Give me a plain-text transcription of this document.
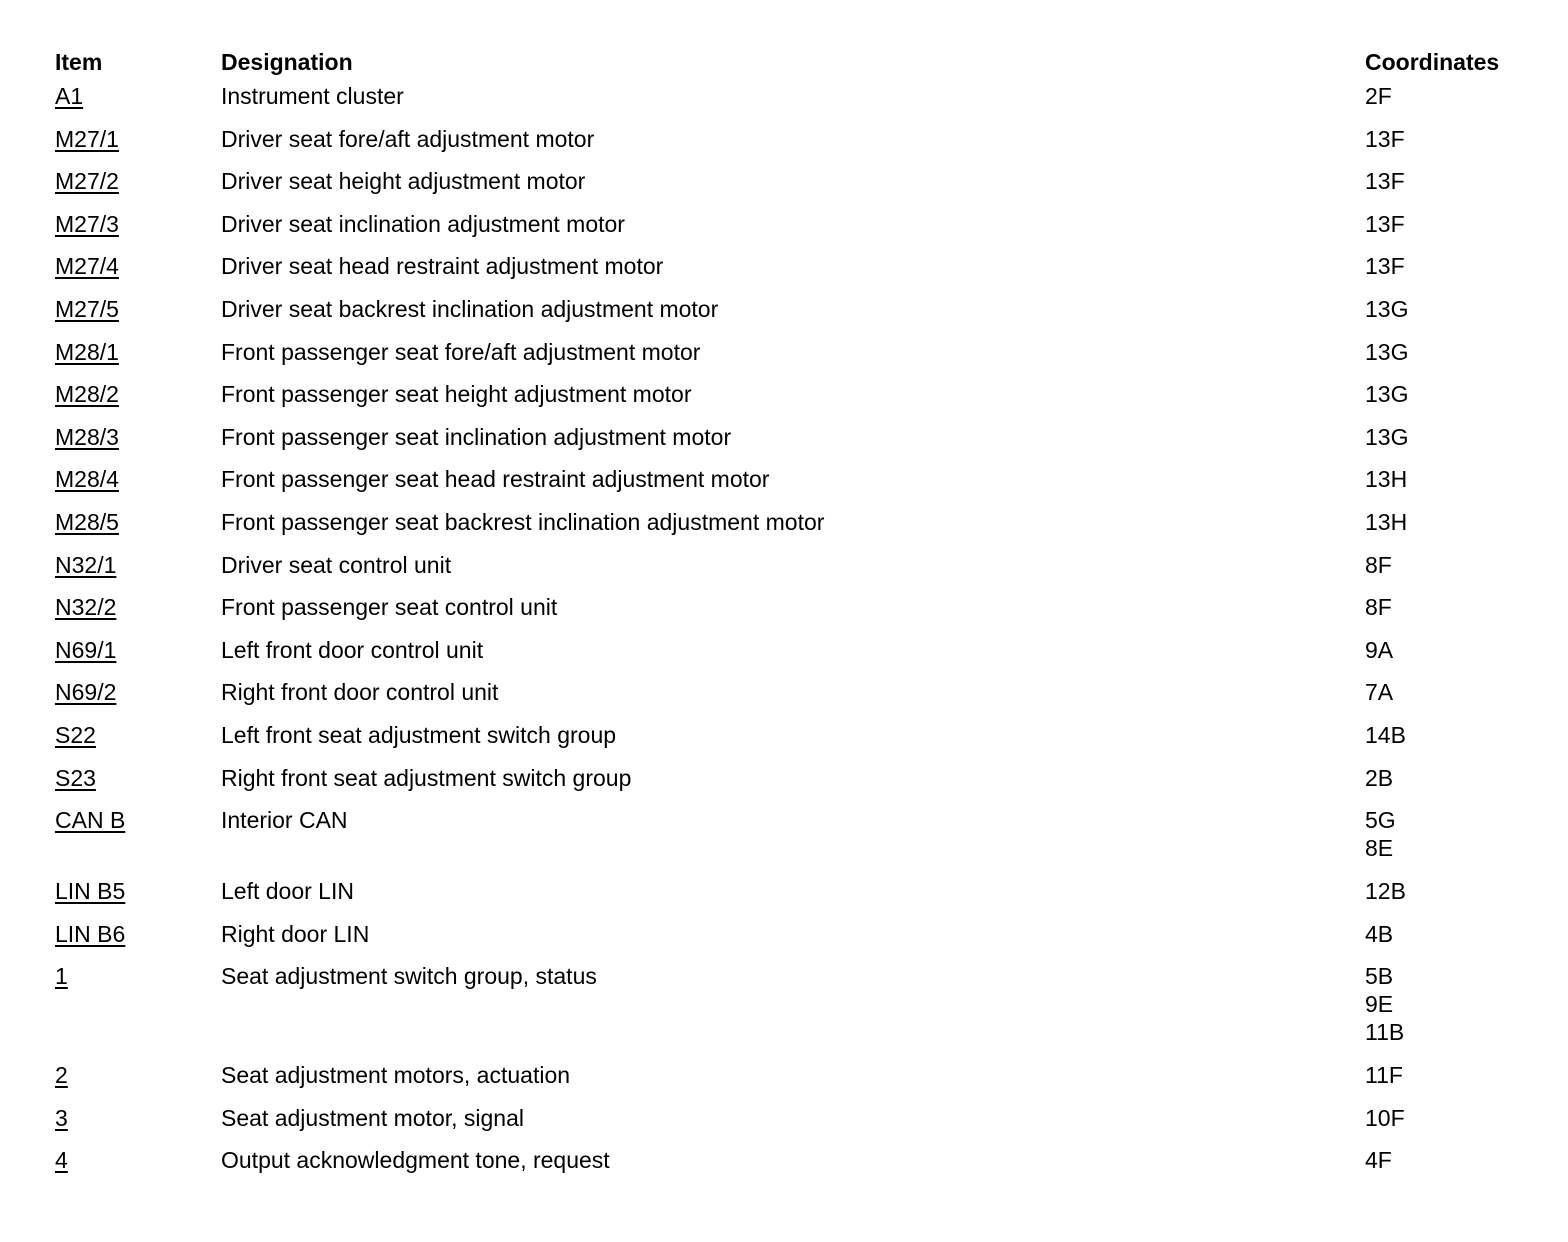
Item	Designation	Coordinates
A1	Instrument cluster	2F
M27/1	Driver seat fore/aft adjustment motor	13F
M27/2	Driver seat height adjustment motor	13F
M27/3	Driver seat inclination adjustment motor	13F
M27/4	Driver seat head restraint adjustment motor	13F
M27/5	Driver seat backrest inclination adjustment motor	13G
M28/1	Front passenger seat fore/aft adjustment motor	13G
M28/2	Front passenger seat height adjustment motor	13G
M28/3	Front passenger seat inclination adjustment motor	13G
M28/4	Front passenger seat head restraint adjustment motor	13H
M28/5	Front passenger seat backrest inclination adjustment motor	13H
N32/1	Driver seat control unit	8F
N32/2	Front passenger seat control unit	8F
N69/1	Left front door control unit	9A
N69/2	Right front door control unit	7A
S22	Left front seat adjustment switch group	14B
S23	Right front seat adjustment switch group	2B
CAN B	Interior CAN	5G
8E
LIN B5	Left door LIN	12B
LIN B6	Right door LIN	4B
1	Seat adjustment switch group, status	5B
9E
11B
2	Seat adjustment motors, actuation	11F
3	Seat adjustment motor, signal	10F
4	Output acknowledgment tone, request	4F
